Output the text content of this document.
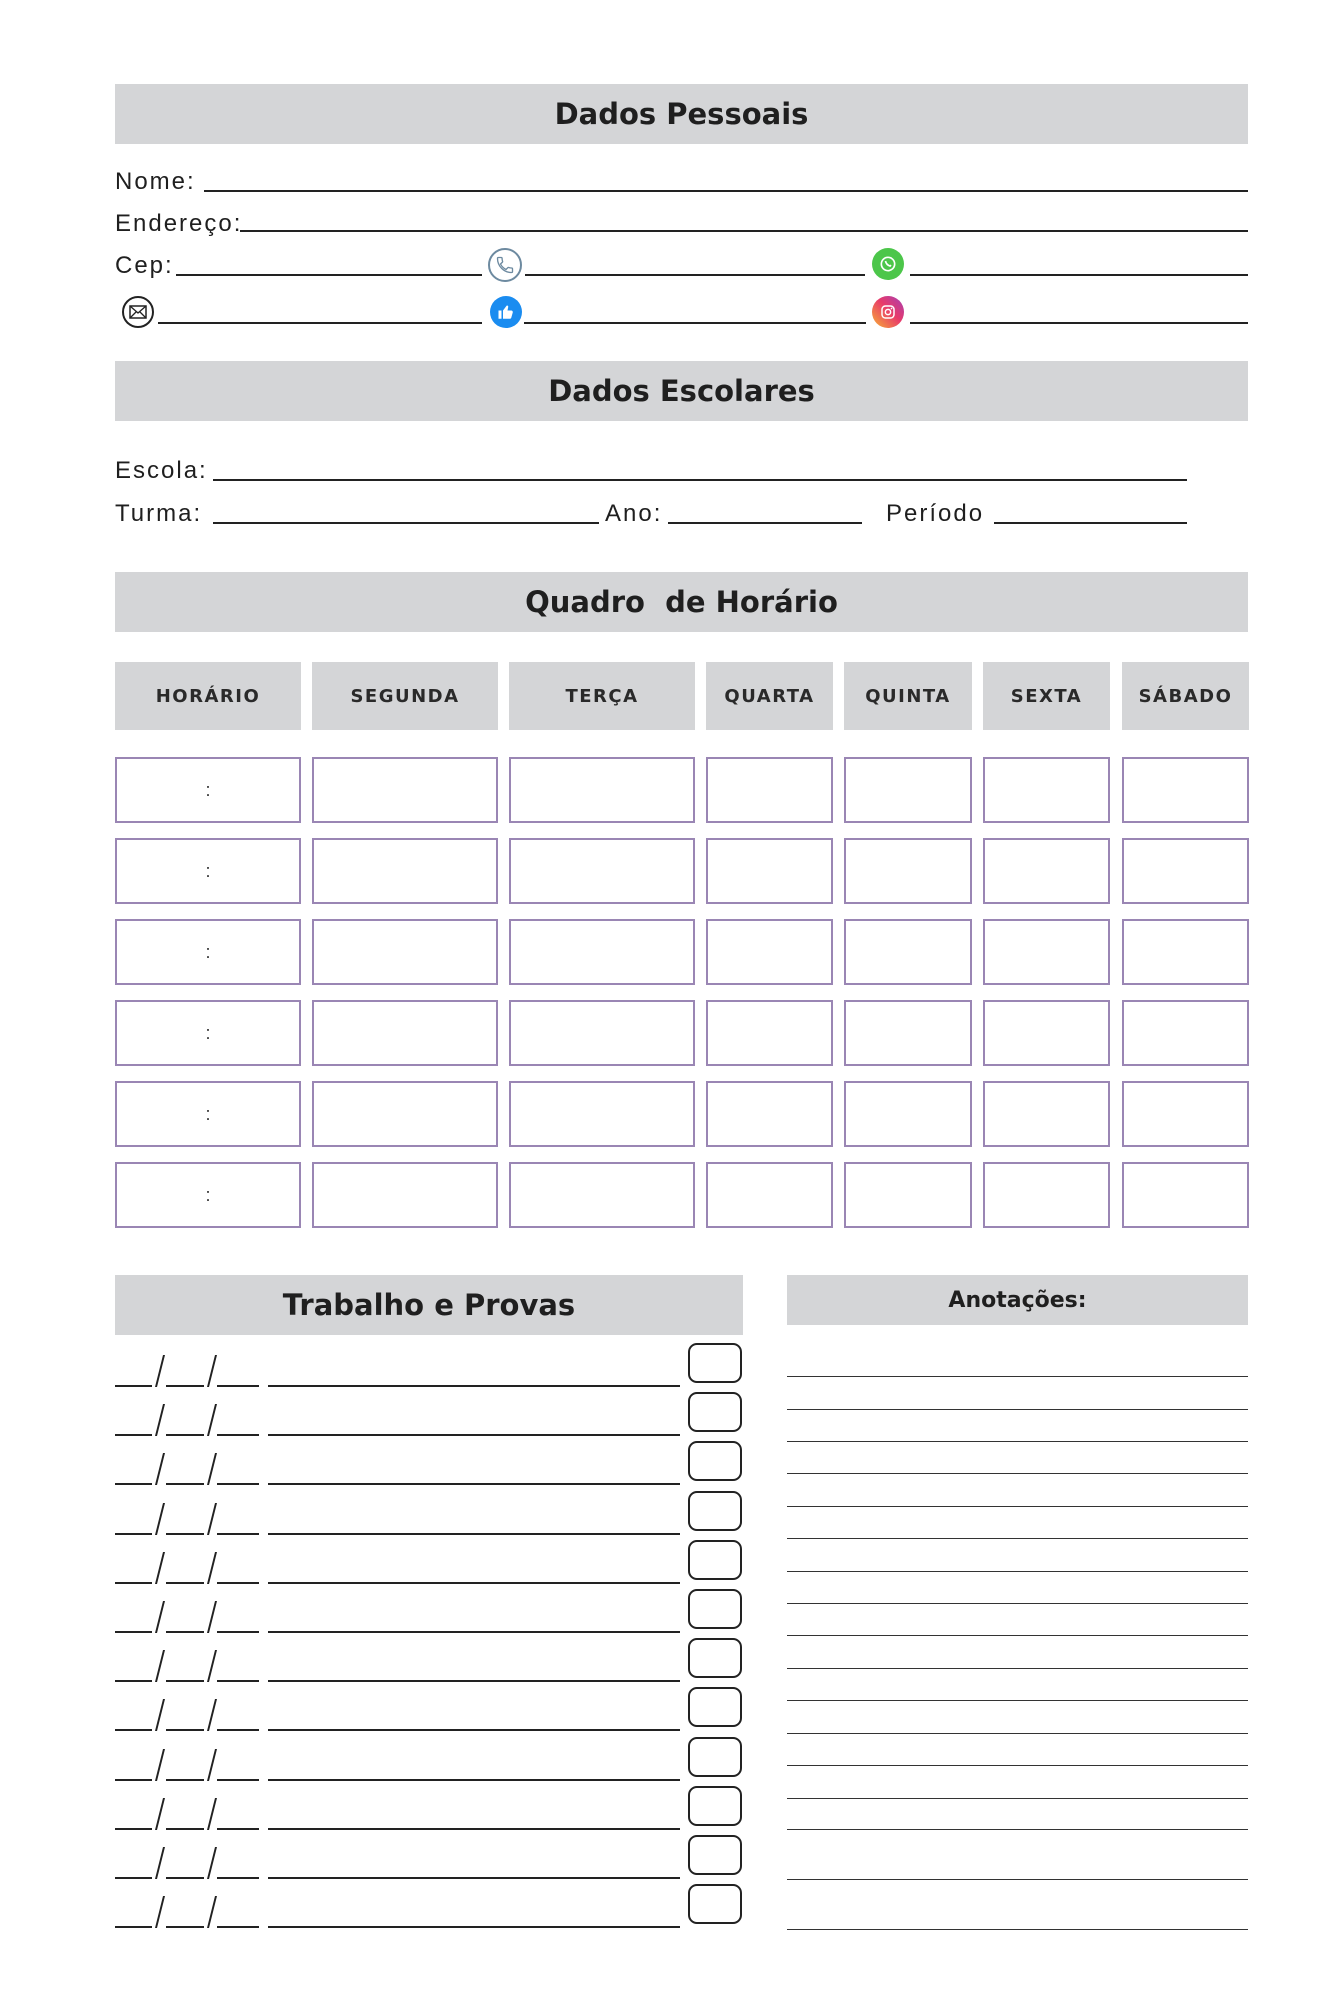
Dados Pessoais
Nome:
Endereço:
Cep:
Dados Escolares
Escola:
Turma:	Ano:	Período
Quadro  de Horário
HORÁRIO	SEGUNDA	TERÇA	QUARTA	QUINTA	SEXTA	SÁBADO
:
:
:
:
:
:
Trabalho e Provas	Anotações:
